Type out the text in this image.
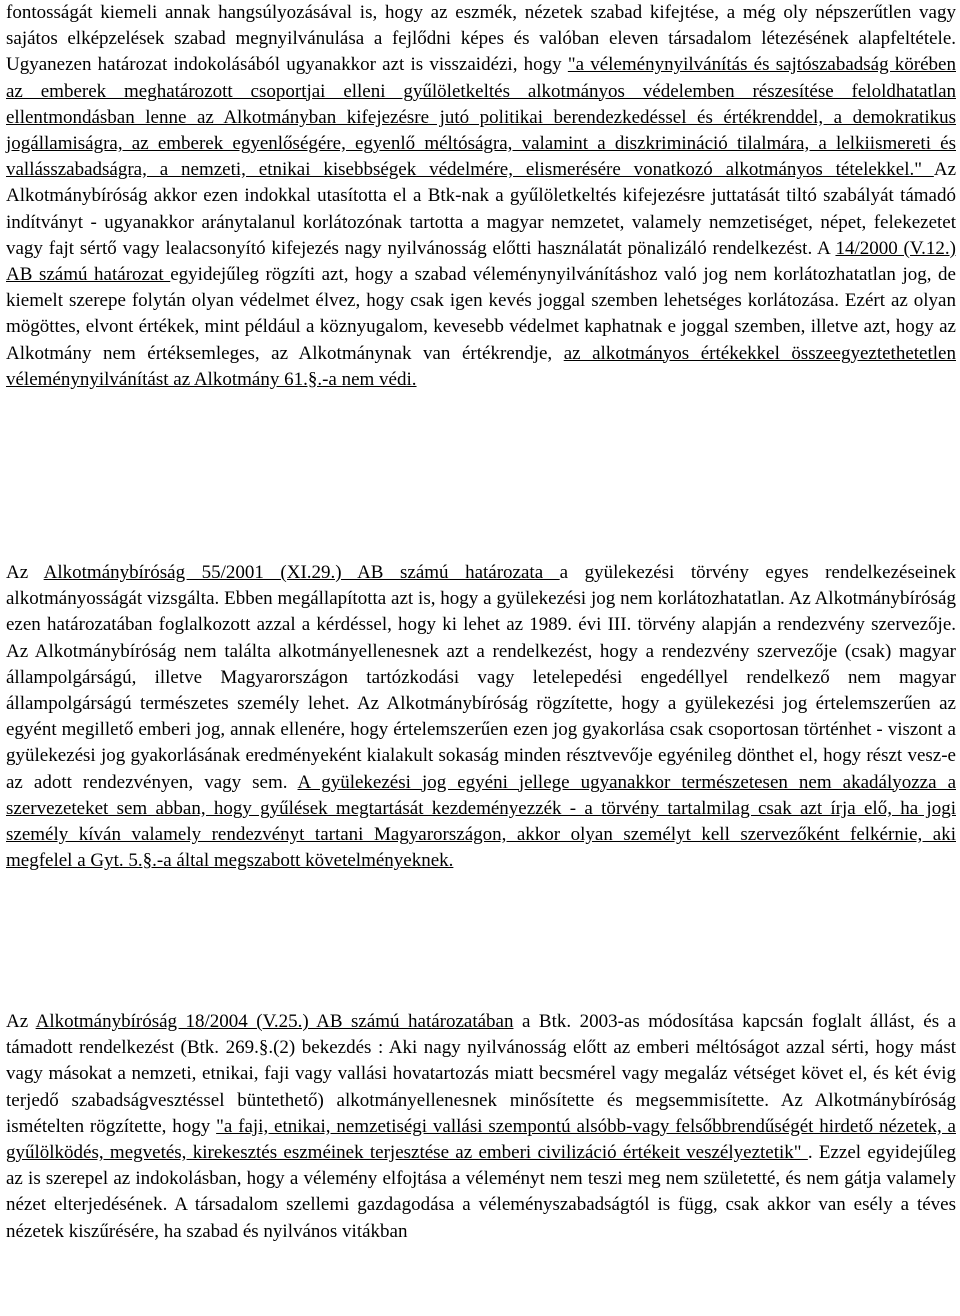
fontosságát kiemeli annak hangsúlyozásával is, hogy az eszmék, nézetek szabad kifejtése, a még oly népszerűtlen vagy sajátos elképzelések szabad megnyilvánulása a fejlődni képes és valóban eleven társadalom létezésének alapfeltétele. Ugyanezen határozat indokolásából ugyanakkor azt is visszaidézi, hogy "a véleménynyilvánítás és sajtószabadság körében az emberek meghatározott csoportjai elleni gyűlöletkeltés alkotmányos védelemben részesítése feloldhatatlan ellentmondásban lenne az Alkotmányban kifejezésre jutó politikai berendezkedéssel és értékrenddel, a demokratikus jogállamiságra, az emberek egyenlőségére, egyenlő méltóságra, valamint a diszkrimináció tilalmára, a lelkiismereti és vallásszabadságra, a nemzeti, etnikai kisebbségek védelmére, elismerésére vonatkozó alkotmányos tételekkel." Az Alkotmánybíróság akkor ezen indokkal utasította el a Btk-nak a gyűlöletkeltés kifejezésre juttatását tiltó szabályát támadó indítványt - ugyanakkor aránytalanul korlátozónak tartotta a magyar nemzetet, valamely nemzetiséget, népet, felekezetet vagy fajt sértő vagy lealacsonyító kifejezés nagy nyilvánosság előtti használatát pönalizáló rendelkezést. A 14/2000 (V.12.) AB számú határozat egyidejűleg rögzíti azt, hogy a szabad véleménynyilvánításhoz való jog nem korlátozhatatlan jog, de kiemelt szerepe folytán olyan védelmet élvez, hogy csak igen kevés joggal szemben lehetséges korlátozása. Ezért az olyan mögöttes, elvont értékek, mint például a köznyugalom, kevesebb védelmet kaphatnak e joggal szemben, illetve azt, hogy az Alkotmány nem értéksemleges, az Alkotmánynak van értékrendje, az alkotmányos értékekkel összeegyeztethetetlen véleménynyilvánítást az Alkotmány 61.§.-a nem védi.

Az Alkotmánybíróság 55/2001 (XI.29.) AB számú határozata a gyülekezési törvény egyes rendelkezéseinek alkotmányosságát vizsgálta. Ebben megállapította azt is, hogy a gyülekezési jog nem korlátozhatatlan. Az Alkotmánybíróság ezen határozatában foglalkozott azzal a kérdéssel, hogy ki lehet az 1989. évi III. törvény alapján a rendezvény szervezője. Az Alkotmánybíróság nem találta alkotmányellenesnek azt a rendelkezést, hogy a rendezvény szervezője (csak) magyar állampolgárságú, illetve Magyarországon tartózkodási vagy letelepedési engedéllyel rendelkező nem magyar állampolgárságú természetes személy lehet. Az Alkotmánybíróság rögzítette, hogy a gyülekezési jog értelemszerűen az egyént megillető emberi jog, annak ellenére, hogy értelemszerűen ezen jog gyakorlása csak csoportosan történhet - viszont a gyülekezési jog gyakorlásának eredményeként kialakult sokaság minden résztvevője egyénileg dönthet el, hogy részt vesz-e az adott rendezvényen, vagy sem. A gyülekezési jog egyéni jellege ugyanakkor természetesen nem akadályozza a szervezeteket sem abban, hogy gyűlések megtartását kezdeményezzék - a törvény tartalmilag csak azt írja elő, ha jogi személy kíván valamely rendezvényt tartani Magyarországon, akkor olyan személyt kell szervezőként felkérnie, aki megfelel a Gyt. 5.§.-a által megszabott követelményeknek.

Az Alkotmánybíróság 18/2004 (V.25.) AB számú határozatában a Btk. 2003-as módosítása kapcsán foglalt állást, és a támadott rendelkezést (Btk. 269.§.(2) bekezdés : Aki nagy nyilvánosság előtt az emberi méltóságot azzal sérti, hogy mást vagy másokat a nemzeti, etnikai, faji vagy vallási hovatartozás miatt becsmérel vagy megaláz vétséget követ el, és két évig terjedő szabadságvesztéssel büntethető) alkotmányellenesnek minősítette és megsemmisítette. Az Alkotmánybíróság ismételten rögzítette, hogy "a faji, etnikai, nemzetiségi vallási szempontú alsóbb-vagy felsőbbrendűségét hirdető nézetek, a gyűlölködés, megvetés, kirekesztés eszméinek terjesztése az emberi civilizáció értékeit veszélyeztetik" . Ezzel egyidejűleg az is szerepel az indokolásban, hogy a vélemény elfojtása a véleményt nem teszi meg nem születetté, és nem gátja valamely nézet elterjedésének. A társadalom szellemi gazdagodása a véleményszabadságtól is függ, csak akkor van esély a téves nézetek kiszűrésére, ha szabad és nyilvános vitákban
